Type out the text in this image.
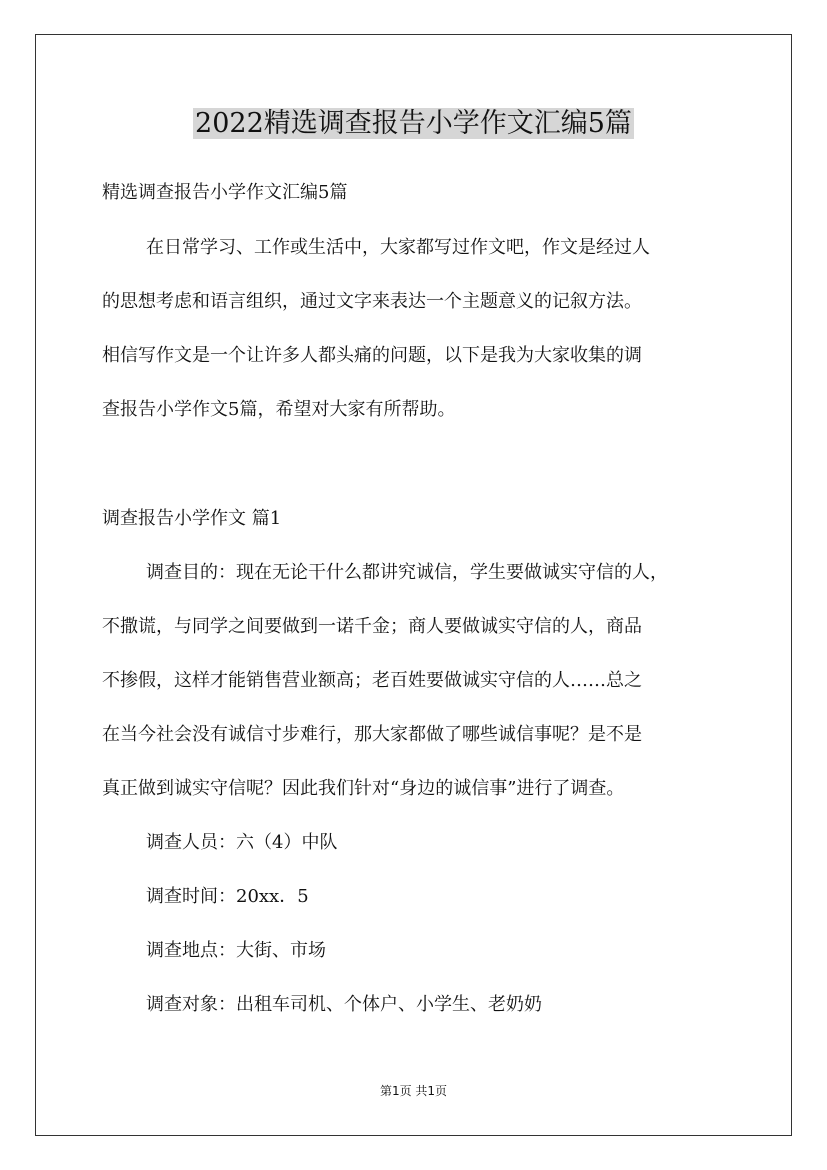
2022精选调查报告小学作文汇编5篇

精选调查报告小学作文汇编5篇

在日常学习、工作或生活中，大家都写过作文吧，作文是经过人

的思想考虑和语言组织，通过文字来表达一个主题意义的记叙方法。

相信写作文是一个让许多人都头痛的问题，以下是我为大家收集的调

查报告小学作文5篇，希望对大家有所帮助。

调查报告小学作文 篇1

调查目的：现在无论干什么都讲究诚信，学生要做诚实守信的人，

不撒谎，与同学之间要做到一诺千金；商人要做诚实守信的人，商品

不掺假，这样才能销售营业额高；老百姓要做诚实守信的人……总之

在当今社会没有诚信寸步难行，那大家都做了哪些诚信事呢？是不是

真正做到诚实守信呢？因此我们针对“身边的诚信事”进行了调查。

调查人员：六（4）中队

调查时间：20xx．5

调查地点：大街、市场

调查对象：出租车司机、个体户、小学生、老奶奶

第1页 共1页
